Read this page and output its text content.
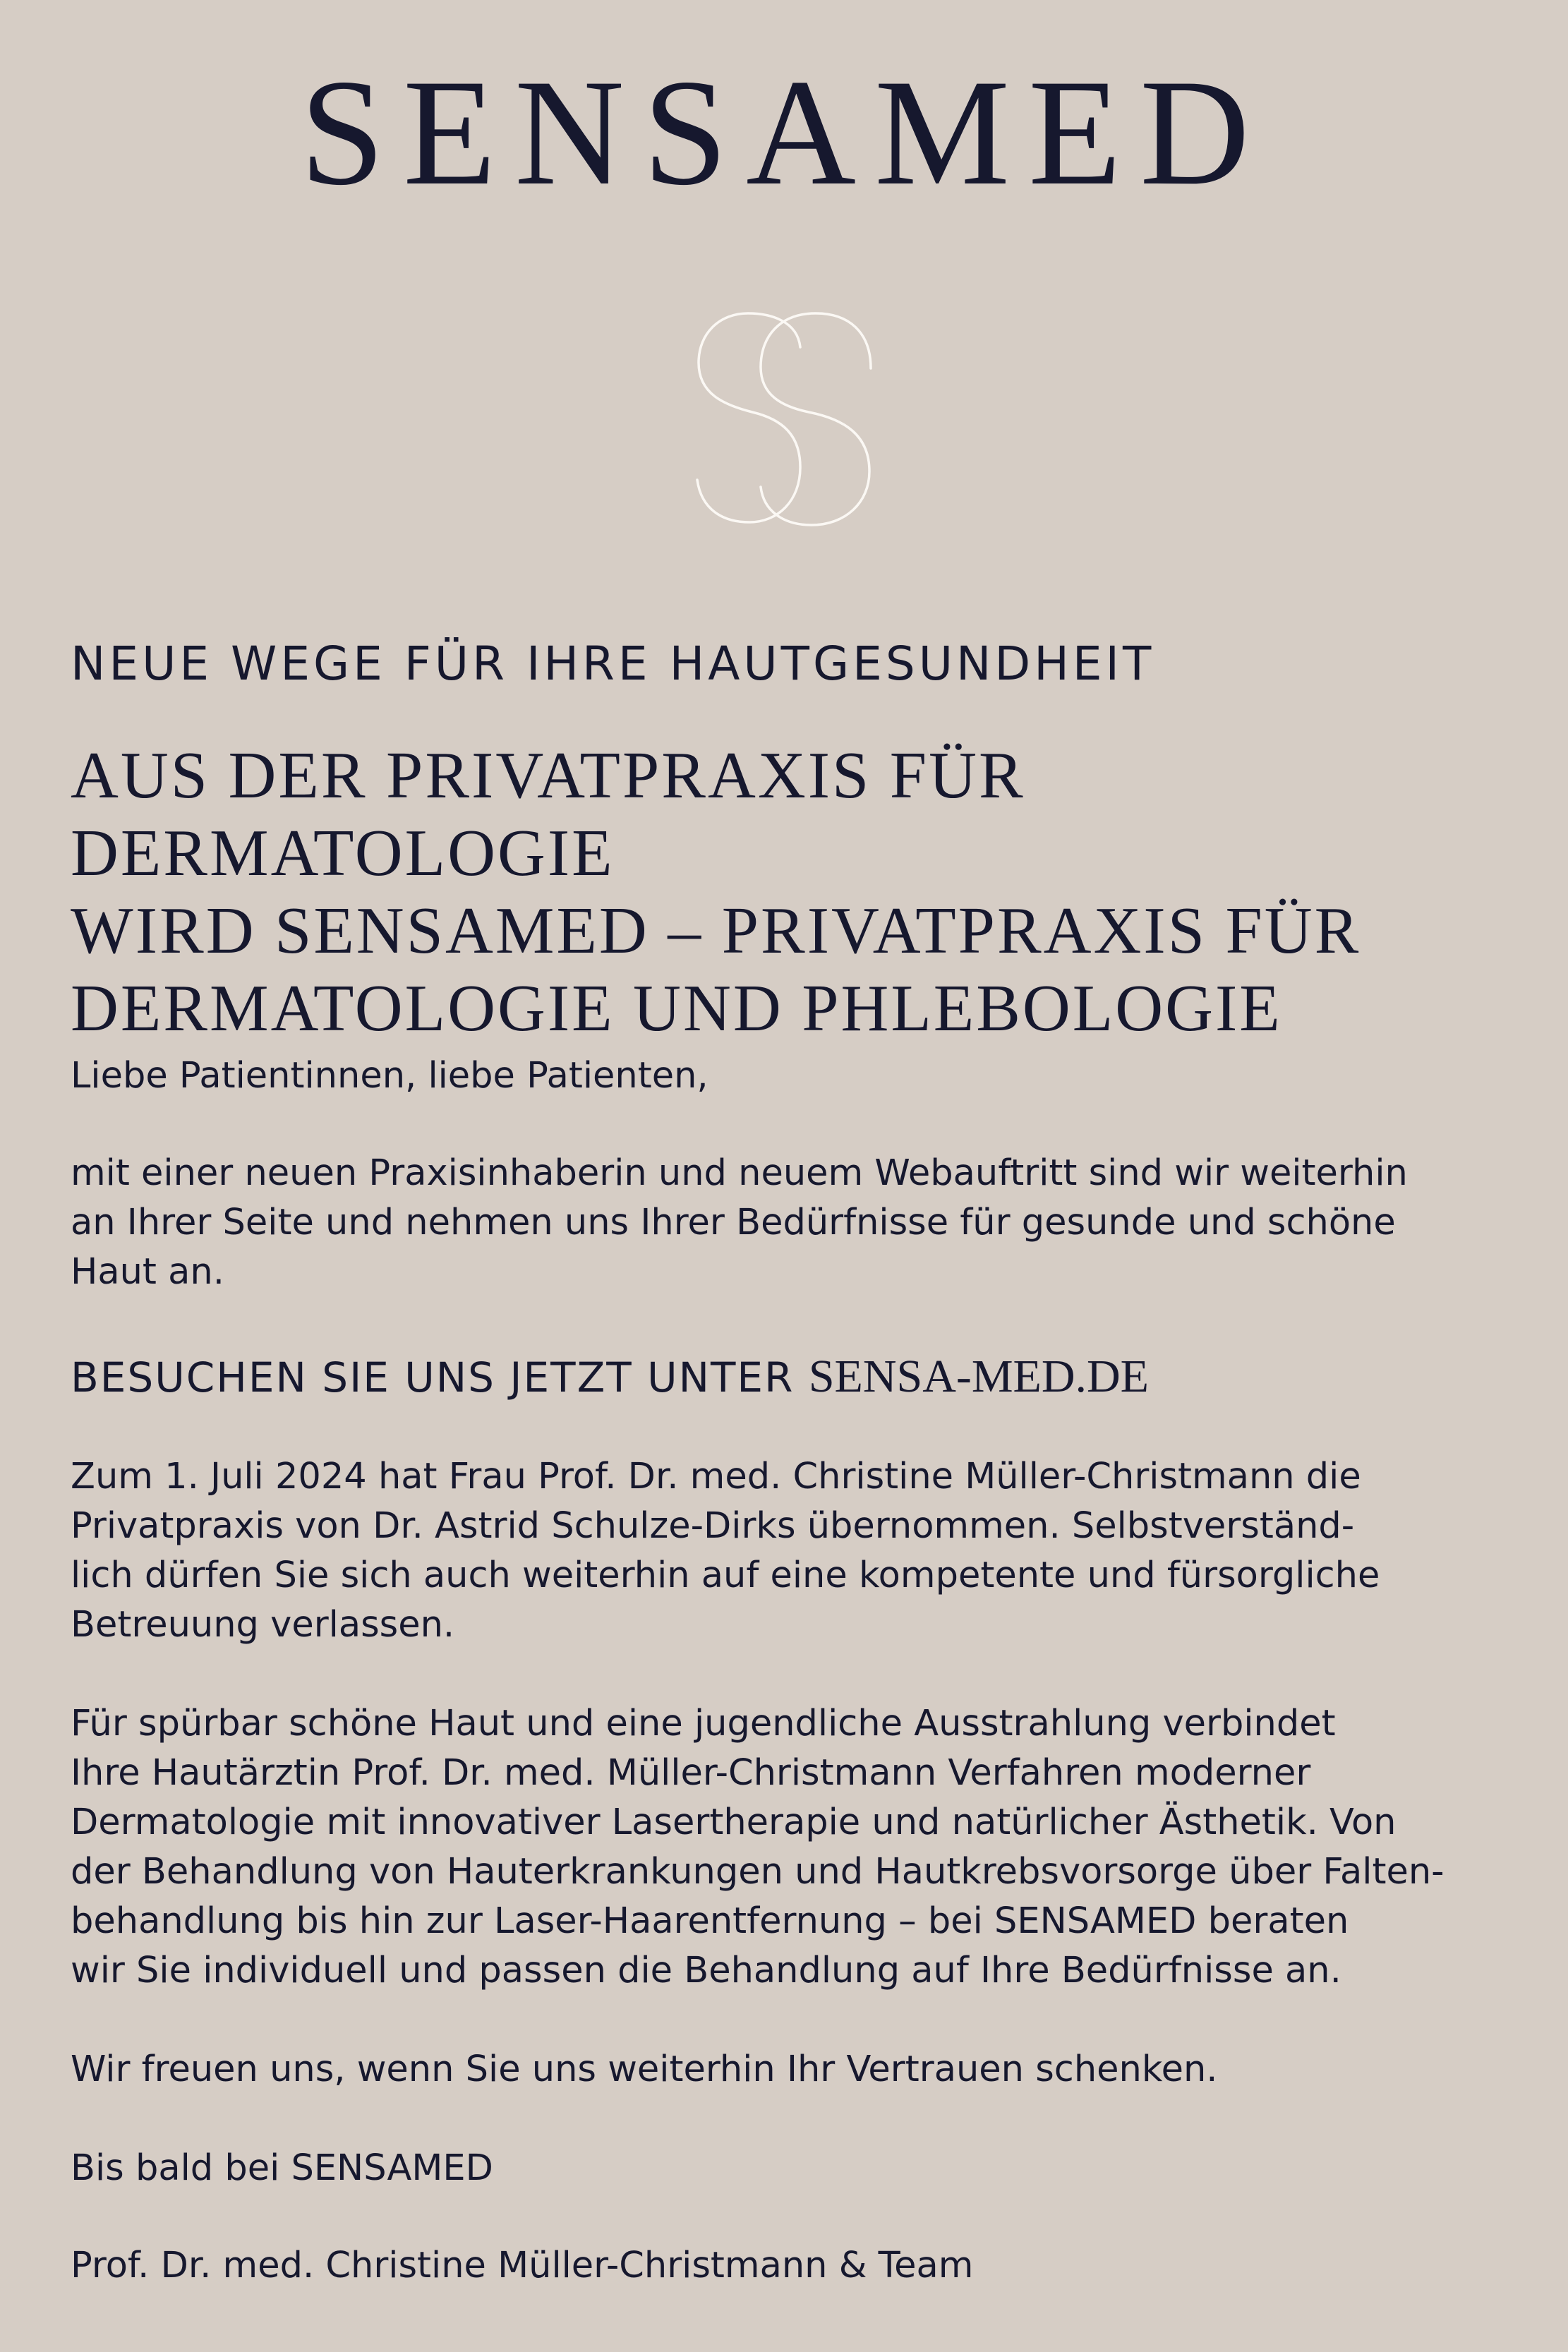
SENSAMED
NEUE WEGE FÜR IHRE HAUTGESUNDHEIT
AUS DER PRIVATPRAXIS FÜR DERMATOLOGIE
WIRD SENSAMED – PRIVATPRAXIS FÜR
DERMATOLOGIE UND PHLEBOLOGIE

Liebe Patientinnen, liebe Patienten,

mit einer neuen Praxisinhaberin und neuem Webauftritt sind wir weiterhin
an Ihrer Seite und nehmen uns Ihrer Bedürfnisse für gesunde und schöne
Haut an.

BESUCHEN SIE UNS JETZT UNTER SENSA-MED.DE

Zum 1. Juli 2024 hat Frau Prof. Dr. med. Christine Müller-Christmann die
Privatpraxis von Dr. Astrid Schulze-Dirks übernommen. Selbstverständ-
lich dürfen Sie sich auch weiterhin auf eine kompetente und fürsorgliche
Betreuung verlassen.

Für spürbar schöne Haut und eine jugendliche Ausstrahlung verbindet
Ihre Hautärztin Prof. Dr. med. Müller-Christmann Verfahren moderner
Dermatologie mit innovativer Lasertherapie und natürlicher Ästhetik. Von
der Behandlung von Hauterkrankungen und Hautkrebsvorsorge über Falten-
behandlung bis hin zur Laser-Haarentfernung – bei SENSAMED beraten
wir Sie individuell und passen die Behandlung auf Ihre Bedürfnisse an.

Wir freuen uns, wenn Sie uns weiterhin Ihr Vertrauen schenken.

Bis bald bei SENSAMED

Prof. Dr. med. Christine Müller-Christmann & Team
